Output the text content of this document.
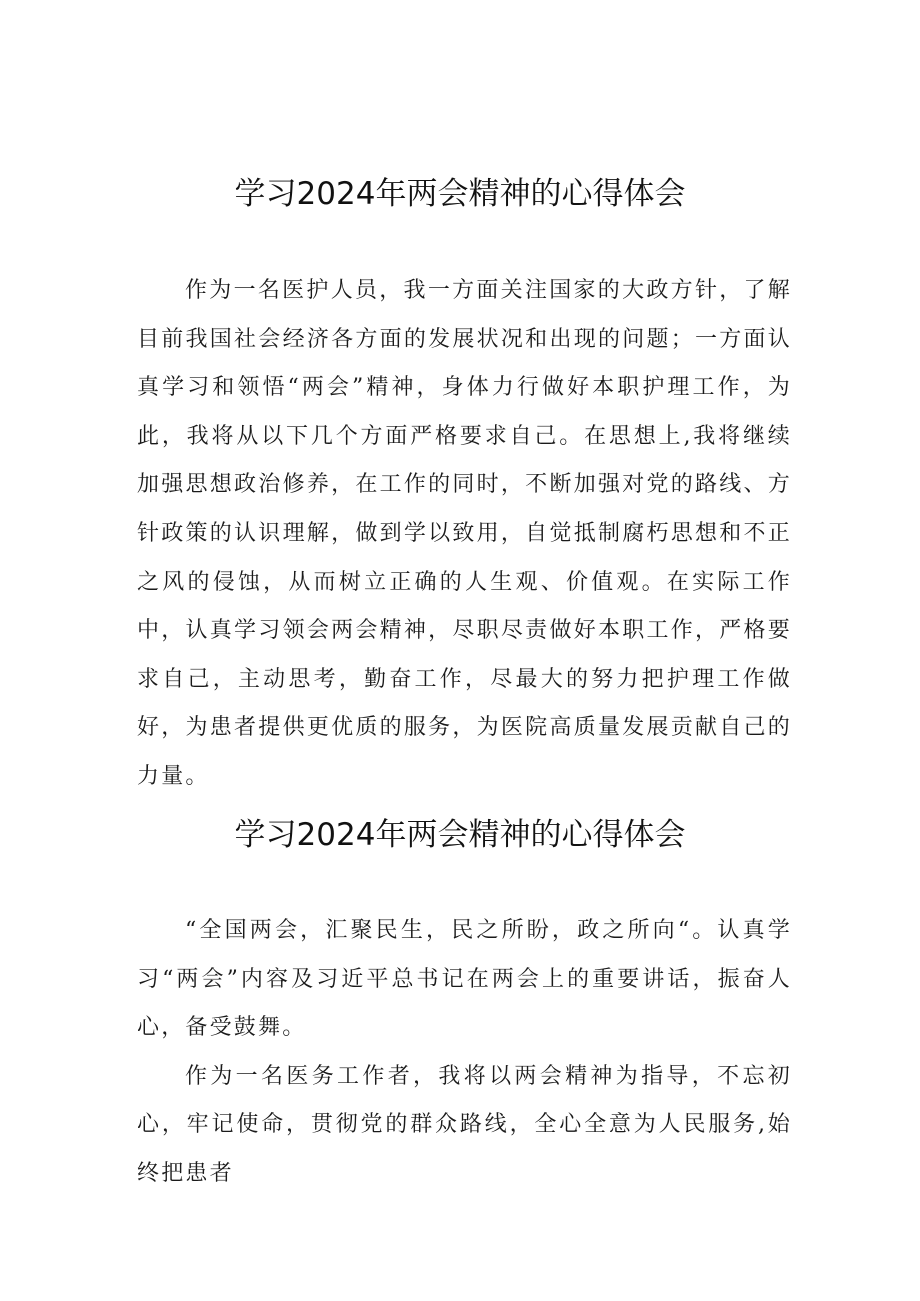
学习2024年两会精神的心得体会

作为一名医护人员，我一方面关注国家的大政方针，了解目前我国社会经济各方面的发展状况和出现的问题；一方面认真学习和领悟“两会”精神，身体力行做好本职护理工作，为此，我将从以下几个方面严格要求自己。在思想上,我将继续加强思想政治修养，在工作的同时，不断加强对党的路线、方针政策的认识理解，做到学以致用，自觉抵制腐朽思想和不正之风的侵蚀，从而树立正确的人生观、价值观。在实际工作中，认真学习领会两会精神，尽职尽责做好本职工作，严格要求自己，主动思考，勤奋工作，尽最大的努力把护理工作做好，为患者提供更优质的服务，为医院高质量发展贡献自己的力量。

学习2024年两会精神的心得体会

“全国两会，汇聚民生，民之所盼，政之所向“。认真学习“两会”内容及习近平总书记在两会上的重要讲话，振奋人心，备受鼓舞。

作为一名医务工作者，我将以两会精神为指导，不忘初心，牢记使命，贯彻党的群众路线，全心全意为人民服务,始终把患者
